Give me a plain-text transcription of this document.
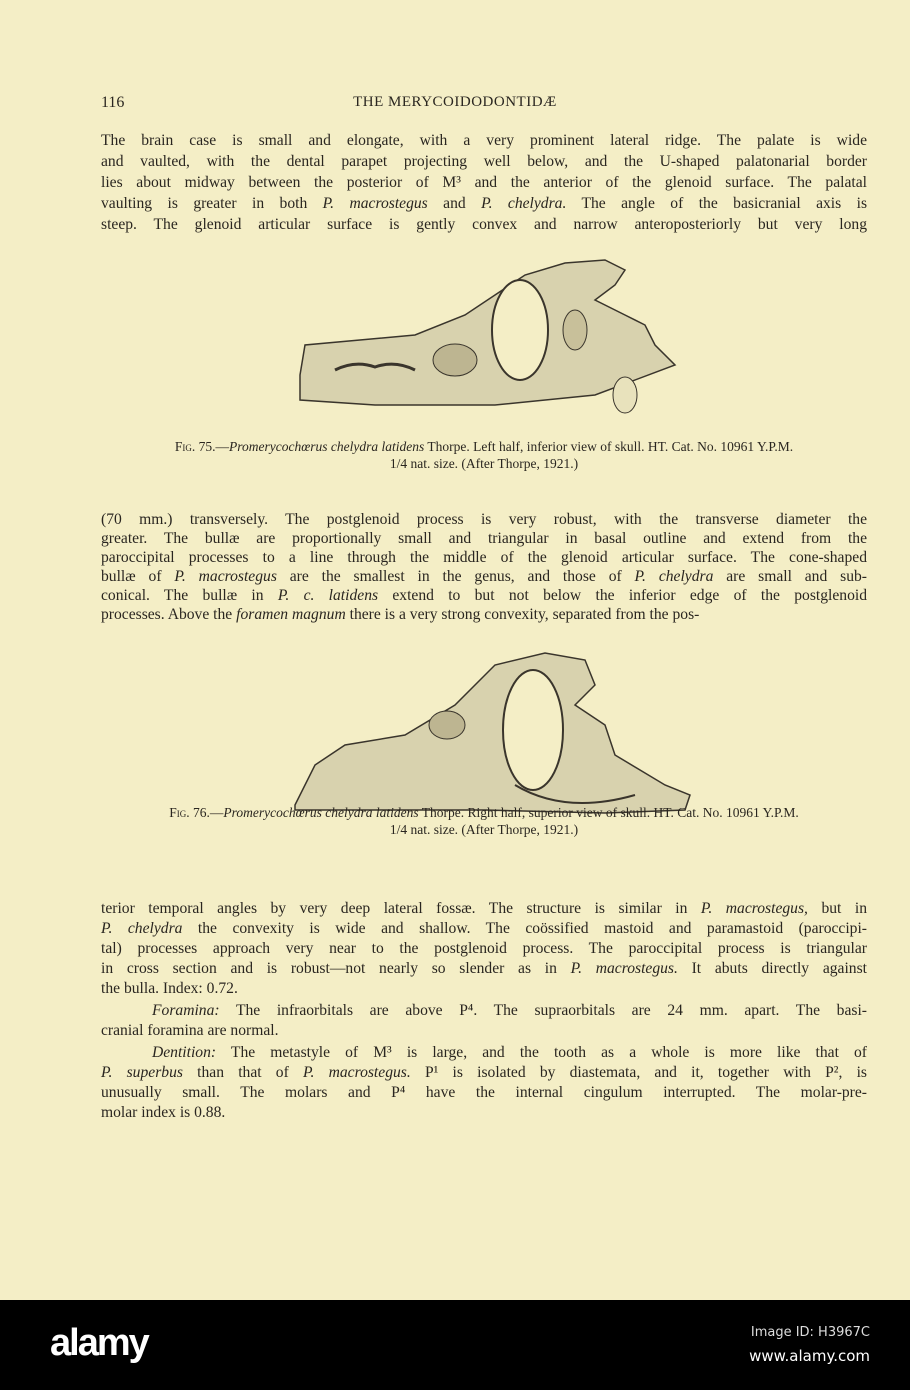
116	THE MERYCOIDODONTIDÆ
The brain case is small and elongate, with a very prominent lateral ridge. The palate is wide
and vaulted, with the dental parapet projecting well below, and the U-shaped palatonarial border
lies about midway between the posterior of M³ and the anterior of the glenoid surface. The palatal
vaulting is greater in both P. macrostegus and P. chelydra. The angle of the basicranial axis is
steep. The glenoid articular surface is gently convex and narrow anteroposteriorly but very long
(70 mm.) transversely. The postglenoid process is very robust, with the transverse diameter the
greater. The bullæ are proportionally small and triangular in basal outline and extend from the
paroccipital processes to a line through the middle of the glenoid articular surface. The cone-shaped
bullæ of P. macrostegus are the smallest in the genus, and those of P. chelydra are small and sub-
conical. The bullæ in P. c. latidens extend to but not below the inferior edge of the postglenoid
processes. Above the foramen magnum there is a very strong convexity, separated from the pos-
terior temporal angles by very deep lateral fossæ. The structure is similar in P. macrostegus, but in
P. chelydra the convexity is wide and shallow. The coössified mastoid and paramastoid (paroccipi-
tal) processes approach very near to the postglenoid process. The paroccipital process is triangular
in cross section and is robust—not nearly so slender as in P. macrostegus. It abuts directly against
the bulla. Index: 0.72.
Foramina: The infraorbitals are above P⁴. The supraorbitals are 24 mm. apart. The basi-
cranial foramina are normal.
Dentition: The metastyle of M³ is large, and the tooth as a whole is more like that of
P. superbus than that of P. macrostegus. P¹ is isolated by diastemata, and it, together with P², is
unusually small. The molars and P⁴ have the internal cingulum interrupted. The molar-pre-
molar index is 0.88.
Fig. 75.—Promerycochœrus chelydra latidens Thorpe. Left half, inferior view of skull. HT. Cat. No. 10961 Y.P.M.
1/4 nat. size. (After Thorpe, 1921.)
Fig. 76.—Promerycochœrus chelydra latidens Thorpe. Right half, superior view of skull. HT. Cat. No. 10961 Y.P.M.
1/4 nat. size. (After Thorpe, 1921.)
alamy	Image ID: H3967C
www.alamy.com
